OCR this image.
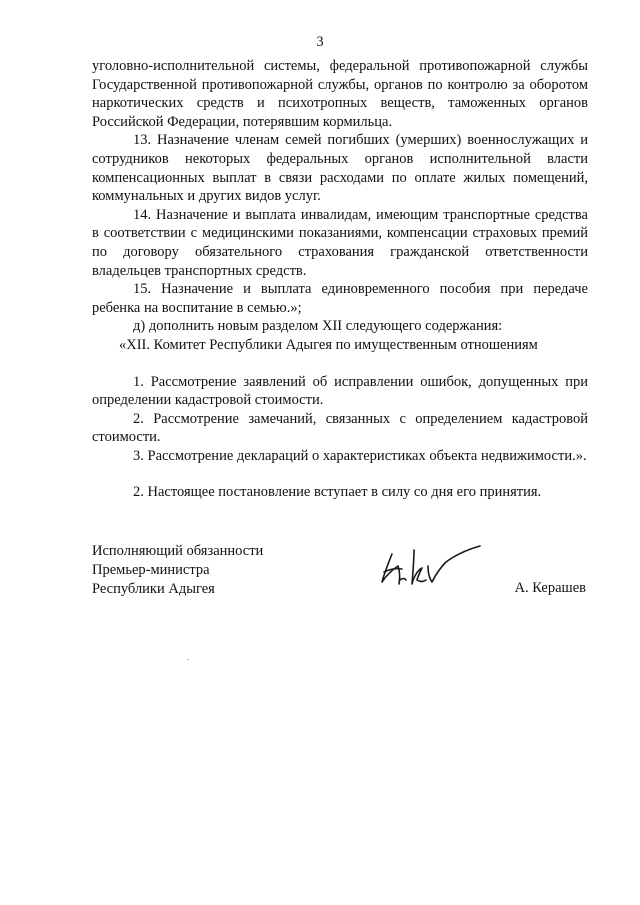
3

уголовно-исполнительной системы, федеральной противопожарной службы Государственной противопожарной службы, органов по контролю за оборотом наркотических средств и психотропных веществ, таможенных органов Российской Федерации, потерявшим кормильца.

13. Назначение членам семей погибших (умерших) военнослужащих и сотрудников некоторых федеральных органов исполнительной власти компенсационных выплат в связи расходами по оплате жилых помещений, коммунальных и других видов услуг.

14. Назначение и выплата инвалидам, имеющим транспортные средства в соответствии с медицинскими показаниями, компенсации страховых премий по договору обязательного страхования гражданской ответственности владельцев транспортных средств.

15. Назначение и выплата единовременного пособия при передаче ребенка на воспитание в семью.»;

д) дополнить новым разделом XII следующего содержания:

«XII. Комитет Республики Адыгея по имущественным отношениям

1. Рассмотрение заявлений об исправлении ошибок, допущенных при определении кадастровой стоимости.

2. Рассмотрение замечаний, связанных с определением кадастровой стоимости.

3. Рассмотрение деклараций о характеристиках объекта недвижимости.».

2. Настоящее постановление вступает в силу со дня его принятия.

Исполняющий обязанности
Премьер-министра
Республики Адыгея	А. Керашев
